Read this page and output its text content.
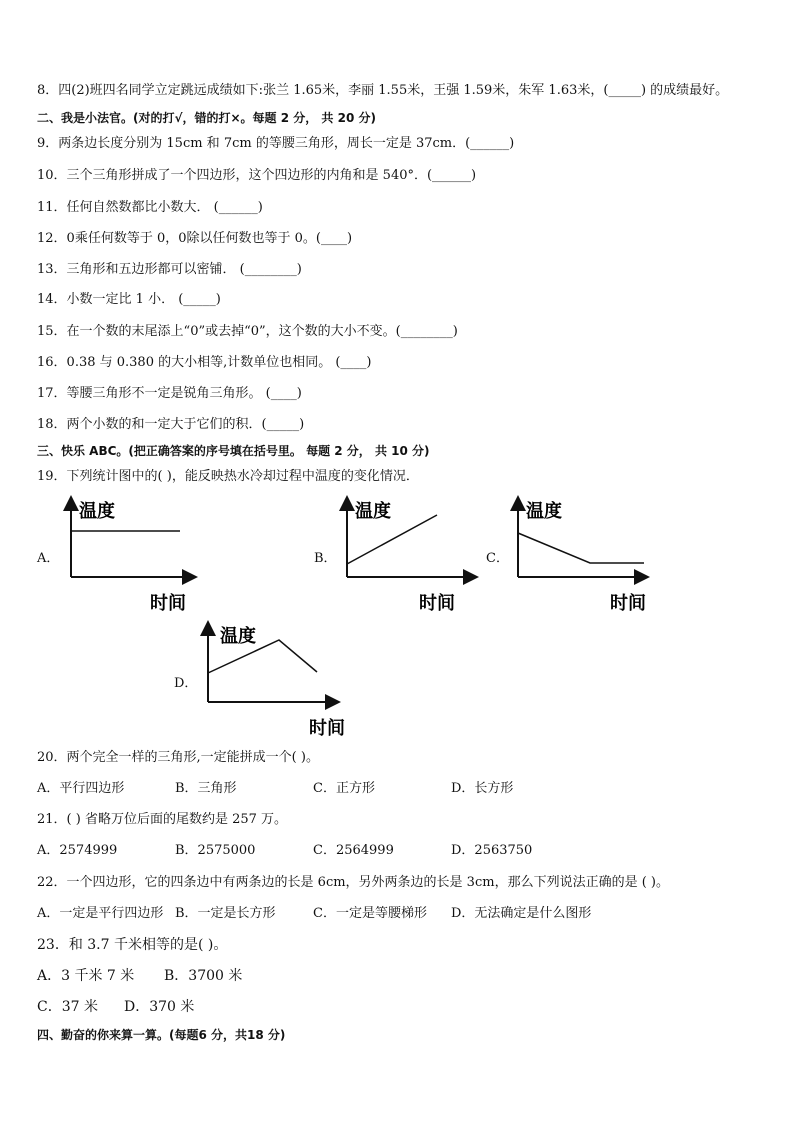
8．四(2)班四名同学立定跳远成绩如下:张兰 1.65米，李丽 1.55米，王强 1.59米，朱军 1.63米，(_____) 的成绩最好。
二、我是小法官。(对的打√，错的打×。每题 2 分， 共 20 分)
9．两条边长度分别为 15cm 和 7cm 的等腰三角形，周长一定是 37cm．(______)
10．三个三角形拼成了一个四边形，这个四边形的内角和是 540°．(______)
11．任何自然数都比小数大． (______)
12．0乘任何数等于 0，0除以任何数也等于 0。(____)
13．三角形和五边形都可以密铺． (________)
14．小数一定比 1 小． (_____)
15．在一个数的末尾添上“0”或去掉“0”，这个数的大小不变。(________)
16．0.38 与 0.380 的大小相等,计数单位也相同。 (____)
17．等腰三角形不一定是锐角三角形。 (____)
18．两个小数的和一定大于它们的积．(_____)
三、快乐 ABC。(把正确答案的序号填在括号里。 每题 2 分， 共 10 分)
19．下列统计图中的( )，能反映热水冷却过程中温度的变化情况．
A．
温度
时间
B．
温度
时间
C．
温度
时间
D．
温度
时间
20．两个完全一样的三角形,一定能拼成一个( )。
A．平行四边形	B．三角形	C．正方形	D．长方形
21．( ) 省略万位后面的尾数约是 257 万。
A．2574999	B．2575000	C．2564999	D．2563750
22．一个四边形，它的四条边中有两条边的长是 6cm，另外两条边的长是 3cm，那么下列说法正确的是 ( )。
A．一定是平行四边形 B．一定是长方形	C．一定是等腰梯形 D．无法确定是什么图形
23．和 3.7 千米相等的是( )。
A．3 千米 7 米 B．3700 米
C．37 米 D．370 米
四、勤奋的你来算一算。(每题6 分，共18 分)
